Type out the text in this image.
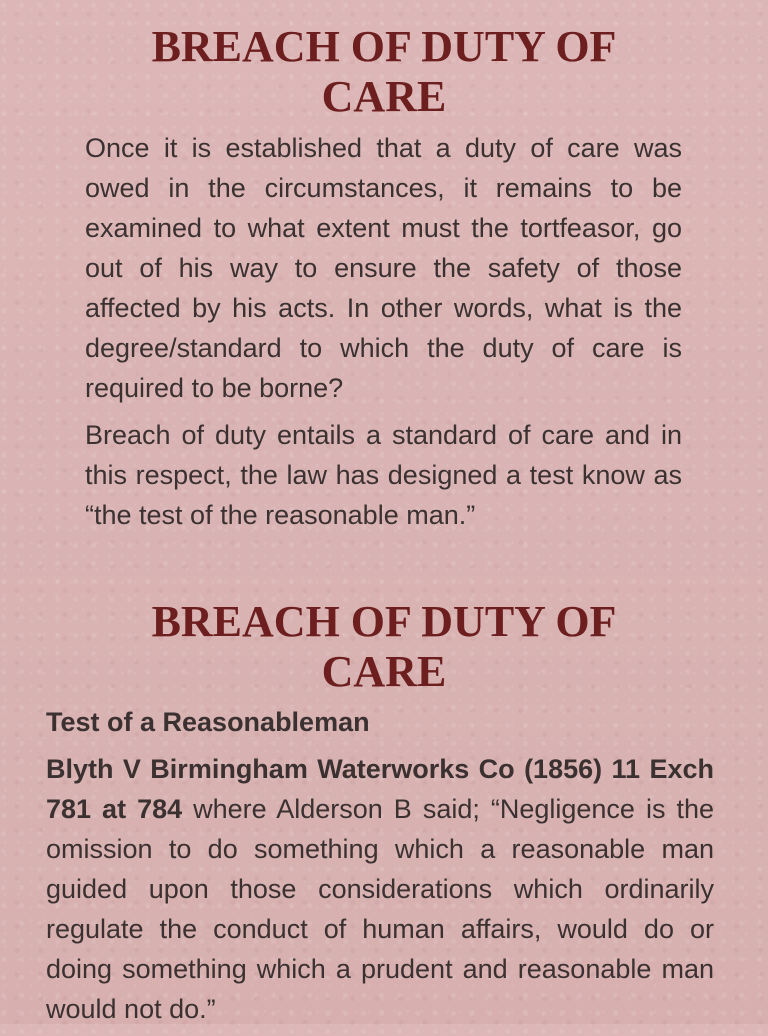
BREACH OF DUTY OF
CARE

Once it is established that a duty of care was owed in the circumstances, it remains to be examined to what extent must the tortfeasor, go out of his way to ensure the safety of those affected by his acts. In other words, what is the degree/standard to which the duty of care is required to be borne?

Breach of duty entails a standard of care and in this respect, the law has designed a test know as “the test of the reasonable man.”

BREACH OF DUTY OF
CARE

Test of a Reasonableman

Blyth V Birmingham Waterworks Co (1856) 11 Exch 781 at 784 where Alderson B said; “Negligence is the omission to do something which a reasonable man guided upon those considerations which ordinarily regulate the conduct of human affairs, would do or doing something which a prudent and reasonable man would not do.”
